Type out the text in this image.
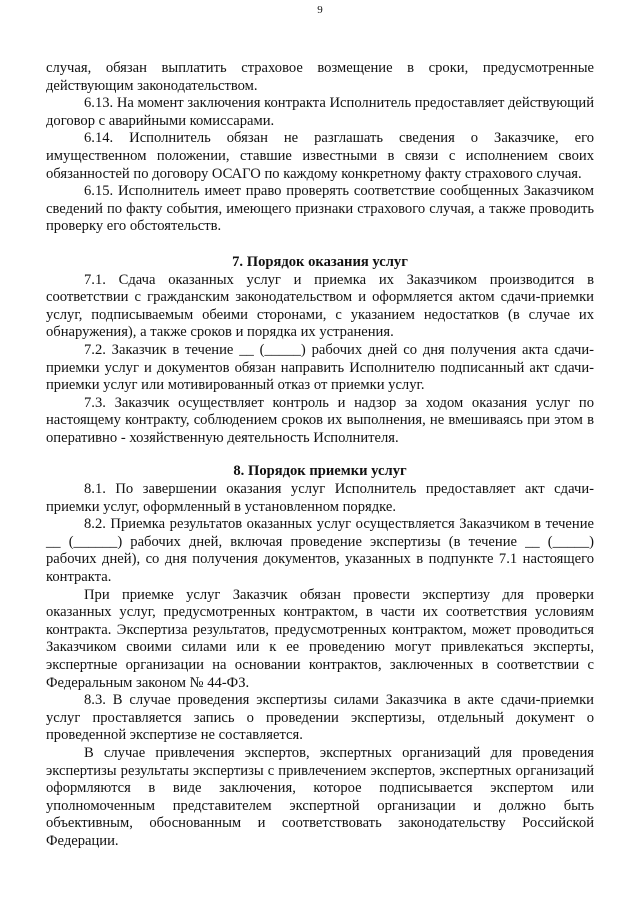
9

случая, обязан выплатить страховое возмещение в сроки, предусмотренные действующим законодательством.

6.13. На момент заключения контракта Исполнитель предоставляет действующий договор с аварийными комиссарами.

6.14. Исполнитель обязан не разглашать сведения о Заказчике, его имущественном положении, ставшие известными в связи с исполнением своих обязанностей по договору ОСАГО по каждому конкретному факту страхового случая.

6.15. Исполнитель имеет право проверять соответствие сообщенных Заказчиком сведений по факту события, имеющего признаки страхового случая, а также проводить проверку его обстоятельств.

7. Порядок оказания услуг

7.1. Сдача оказанных услуг и приемка их Заказчиком производится в соответствии с гражданским законодательством и оформляется актом сдачи-приемки услуг, подписываемым обеими сторонами, с указанием недостатков (в случае их обнаружения), а также сроков и порядка их устранения.

7.2. Заказчик в течение __ (_____) рабочих дней со дня получения акта сдачи-приемки услуг и документов обязан направить Исполнителю подписанный акт сдачи-приемки услуг или мотивированный отказ от приемки услуг.

7.3. Заказчик осуществляет контроль и надзор за ходом оказания услуг по настоящему контракту, соблюдением сроков их выполнения, не вмешиваясь при этом в оперативно - хозяйственную деятельность Исполнителя.

8. Порядок приемки услуг

8.1. По завершении оказания услуг Исполнитель предоставляет акт сдачи-приемки услуг, оформленный в установленном порядке.

8.2. Приемка результатов оказанных услуг осуществляется Заказчиком в течение __ (______) рабочих дней, включая проведение экспертизы (в течение __ (_____) рабочих дней), со дня получения документов, указанных в подпункте 7.1 настоящего контракта.

При приемке услуг Заказчик обязан провести экспертизу для проверки оказанных услуг, предусмотренных контрактом, в части их соответствия условиям контракта. Экспертиза результатов, предусмотренных контрактом, может проводиться Заказчиком своими силами или к ее проведению могут привлекаться эксперты, экспертные организации на основании контрактов, заключенных в соответствии с Федеральным законом № 44-ФЗ.

8.3. В случае проведения экспертизы силами Заказчика в акте сдачи-приемки услуг проставляется запись о проведении экспертизы, отдельный документ о проведенной экспертизе не составляется.

В случае привлечения экспертов, экспертных организаций для проведения экспертизы результаты экспертизы с привлечением экспертов, экспертных организаций оформляются в виде заключения, которое подписывается экспертом или уполномоченным представителем экспертной организации и должно быть объективным, обоснованным и соответствовать законодательству Российской Федерации.
